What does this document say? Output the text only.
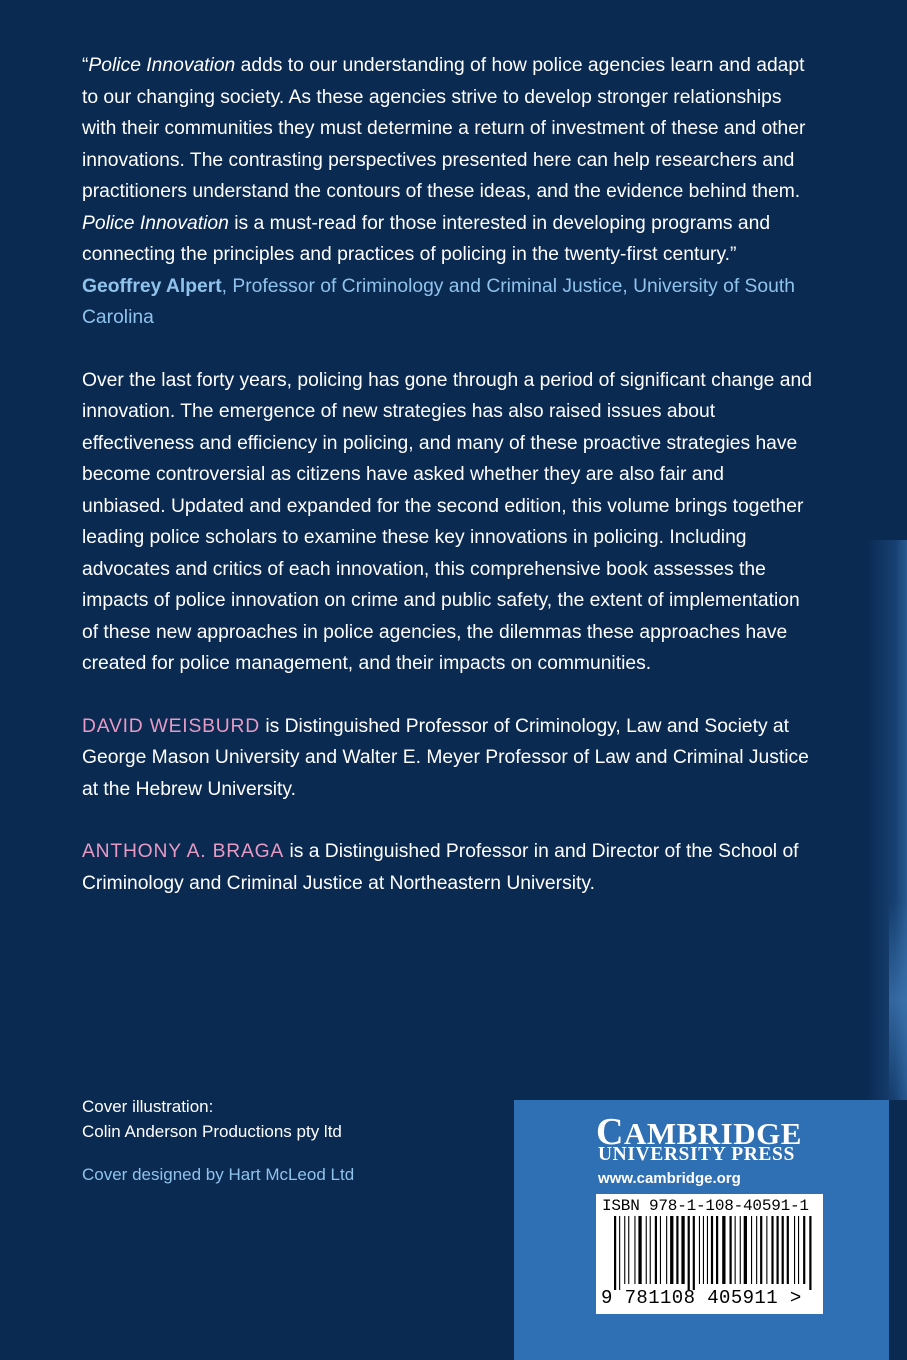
“Police Innovation adds to our understanding of how police agencies learn and adapt to our changing society. As these agencies strive to develop stronger relationships with their communities they must determine a return of investment of these and other innovations. The contrasting perspectives presented here can help researchers and practitioners understand the contours of these ideas, and the evidence behind them. Police Innovation is a must-read for those interested in developing programs and connecting the principles and practices of policing in the twenty-first century.”

Geoffrey Alpert, Professor of Criminology and Criminal Justice, University of South Carolina

Over the last forty years, policing has gone through a period of significant change and innovation. The emergence of new strategies has also raised issues about effectiveness and efficiency in policing, and many of these proactive strategies have become controversial as citizens have asked whether they are also fair and unbiased. Updated and expanded for the second edition, this volume brings together leading police scholars to examine these key innovations in policing. Including advocates and critics of each innovation, this comprehensive book assesses the impacts of police innovation on crime and public safety, the extent of implementation of these new approaches in police agencies, the dilemmas these approaches have created for police management, and their impacts on communities.

DAVID WEISBURD is Distinguished Professor of Criminology, Law and Society at George Mason University and Walter E. Meyer Professor of Law and Criminal Justice at the Hebrew University.

ANTHONY A. BRAGA is a Distinguished Professor in and Director of the School of Criminology and Criminal Justice at Northeastern University.

Cover illustration:

Colin Anderson Productions pty ltd

Cover designed by Hart McLeod Ltd

CAMBRIDGE
UNIVERSITY PRESS
www.cambridge.org
ISBN 978-1-108-40591-1
9 781108 405911 >
